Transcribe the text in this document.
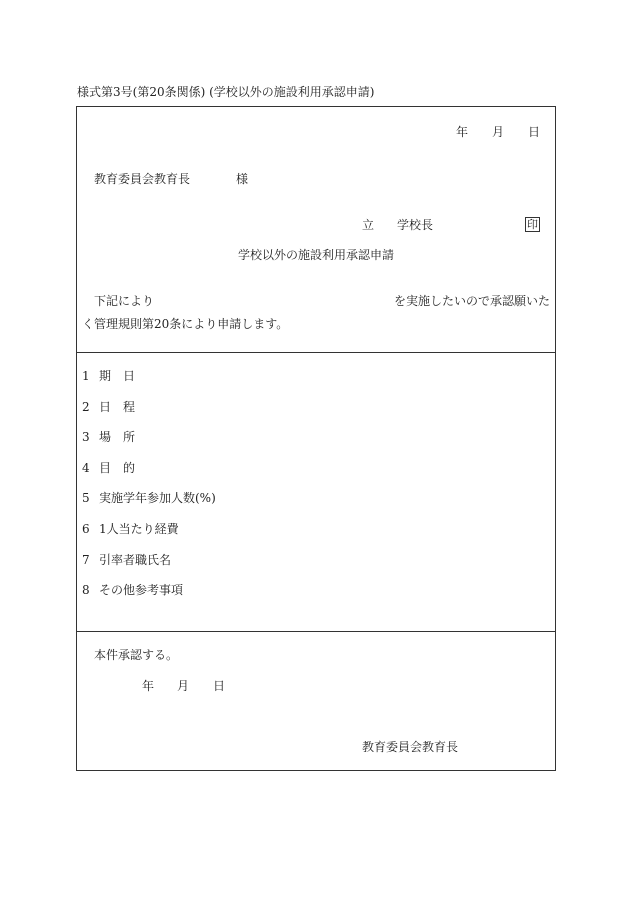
様式第3号(第20条関係) (学校以外の施設利用承認申請)
年 月 日
教育委員会教育長	様
立 学校長	印
学校以外の施設利用承認申請
下記により	を実施したいので承認願いた
く管理規則第20条により申請します。
1 期　日
2 日　程
3 場　所
4 目　的
5 実施学年参加人数(%)
6 1人当たり経費
7 引率者職氏名
8 その他参考事項
本件承認する。
年 月 日
教育委員会教育長
